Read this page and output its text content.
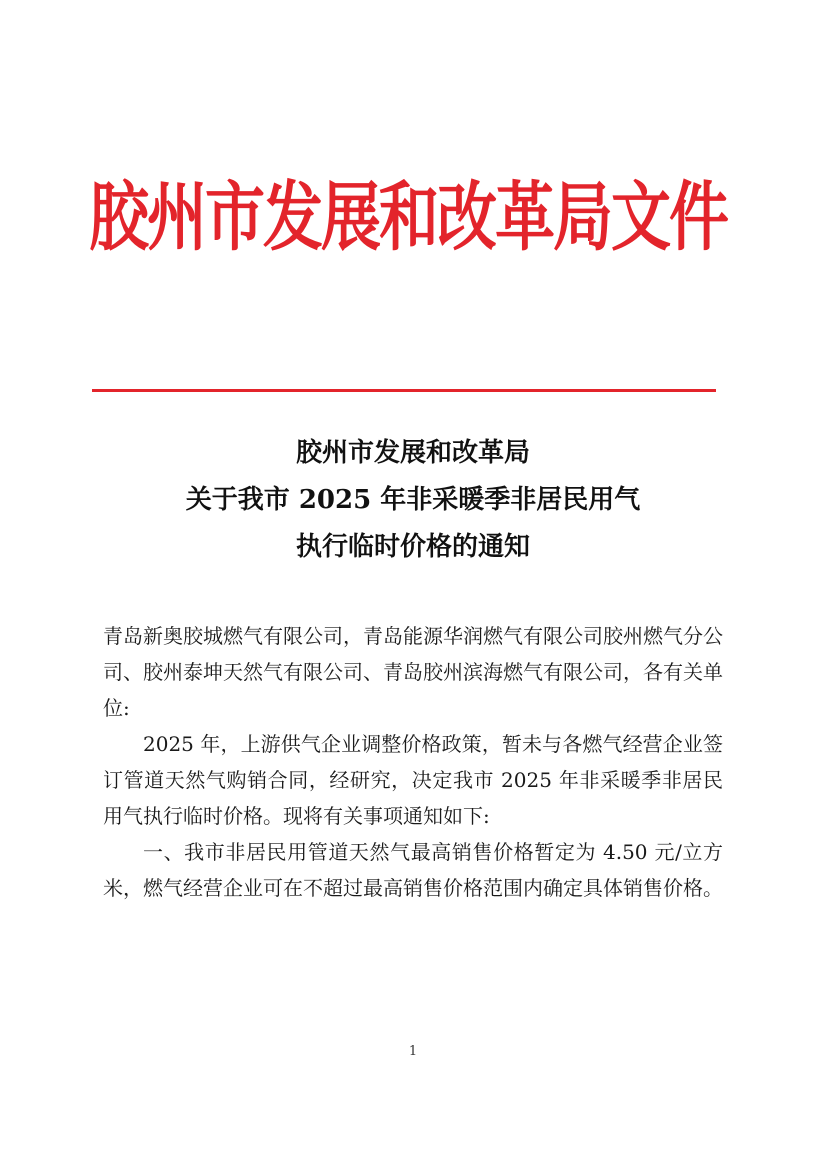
胶州市发展和改革局文件
胶州市发展和改革局
关于我市 2025 年非采暖季非居民用气
执行临时价格的通知

青岛新奥胶城燃气有限公司，青岛能源华润燃气有限公司胶州燃气分公司、胶州泰坤天然气有限公司、青岛胶州滨海燃气有限公司，各有关单位:

2025 年，上游供气企业调整价格政策，暂未与各燃气经营企业签订管道天然气购销合同，经研究，决定我市 2025 年非采暖季非居民用气执行临时价格。现将有关事项通知如下:

一、我市非居民用管道天然气最高销售价格暂定为 4.50 元/立方米，燃气经营企业可在不超过最高销售价格范围内确定具体销售价格。

1
